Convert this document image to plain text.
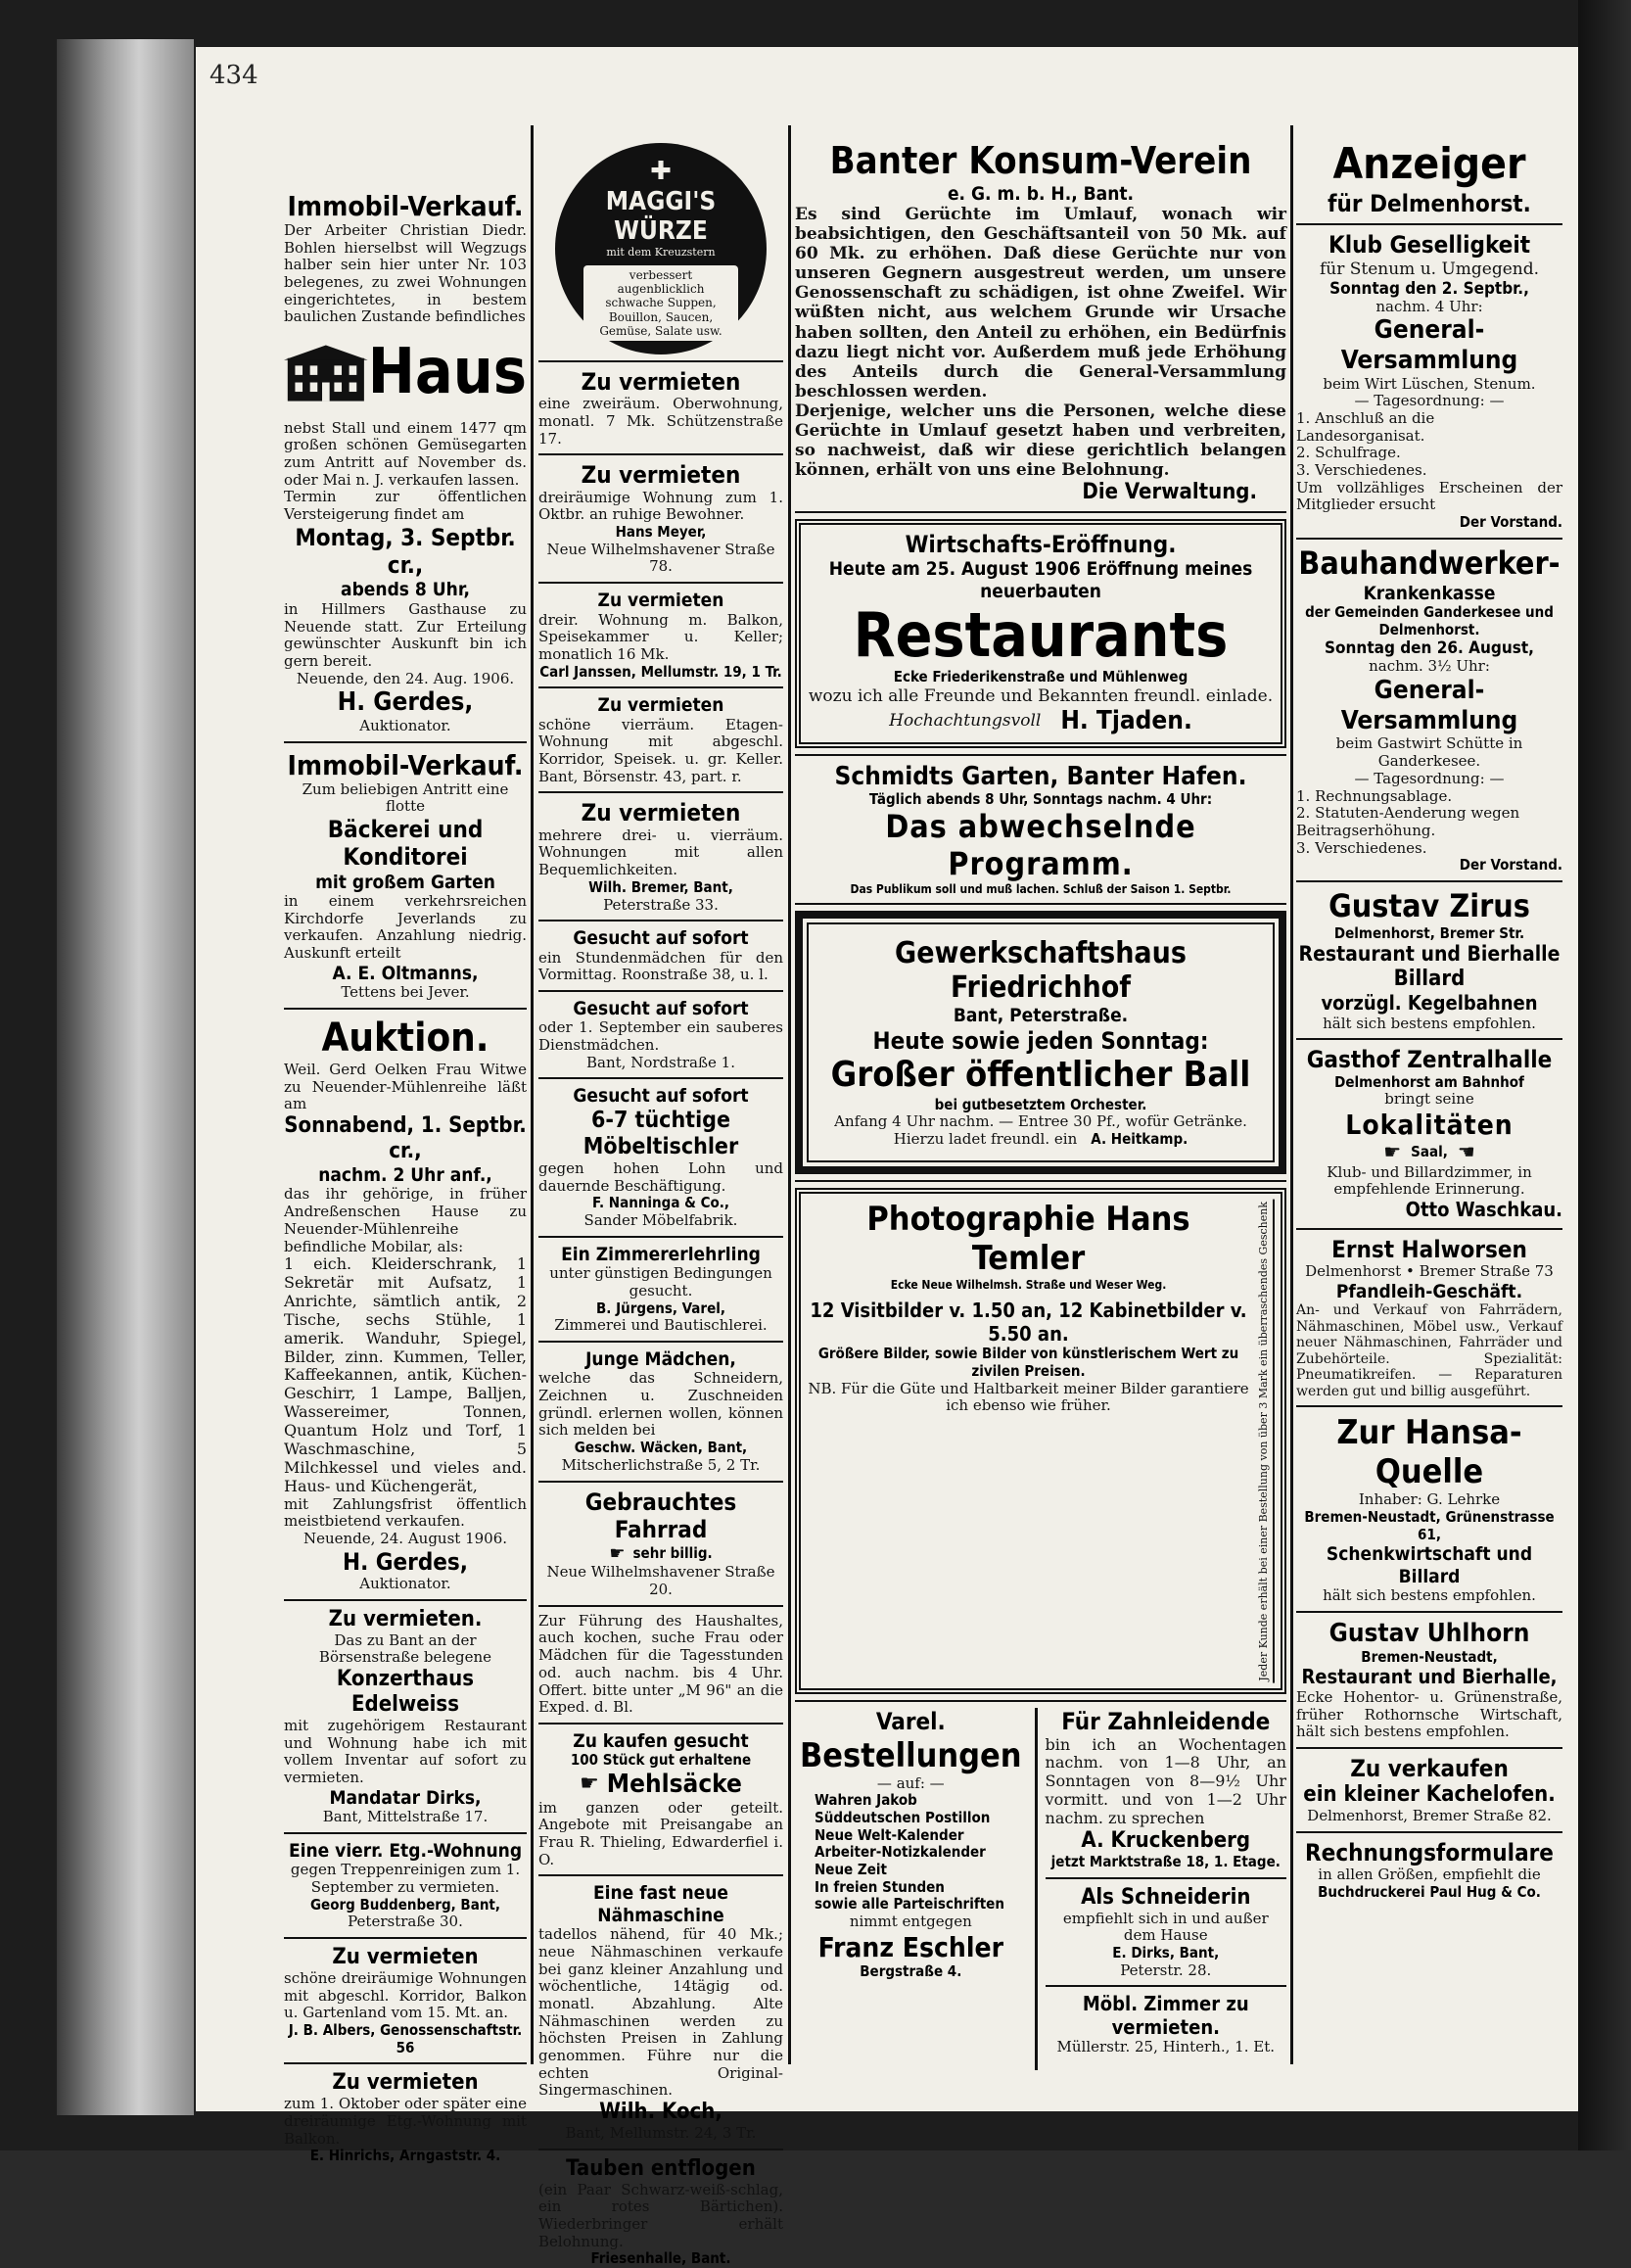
434
Immobil-Verkauf.
Der Arbeiter Christian Diedr. Bohlen hierselbst will Wegzugs halber sein hier unter Nr. 103 belegenes, zu zwei Wohnungen eingerichtetes, in bestem baulichen Zustande befindliches
Haus
nebst Stall und einem 1477 qm großen schönen Gemüsegarten zum Antritt auf November ds. oder Mai n. J. verkaufen lassen.
Termin zur öffentlichen Versteigerung findet am
Montag, 3. Septbr. cr.,
abends 8 Uhr,
in Hillmers Gasthause zu Neuende statt. Zur Erteilung gewünschter Auskunft bin ich gern bereit.
Neuende, den 24. Aug. 1906.
H. Gerdes,
Auktionator.
Immobil-Verkauf.
Zum beliebigen Antritt eine flotte
Bäckerei und Konditorei
mit großem Garten
in einem verkehrsreichen Kirchdorfe Jeverlands zu verkaufen. Anzahlung niedrig. Auskunft erteilt
A. E. Oltmanns,
Tettens bei Jever.
Auktion.
Weil. Gerd Oelken Frau Witwe zu Neuender-Mühlenreihe läßt am
Sonnabend, 1. Septbr. cr.,
nachm. 2 Uhr anf.,
das ihr gehörige, in früher Andreßenschen Hause zu Neuender-Mühlenreihe befindliche Mobilar, als:
1 eich. Kleiderschrank, 1 Sekretär mit Aufsatz, 1 Anrichte, sämtlich antik, 2 Tische, sechs Stühle, 1 amerik. Wanduhr, Spiegel, Bilder, zinn. Kummen, Teller, Kaffeekannen, antik, Küchen-Geschirr, 1 Lampe, Balljen, Wassereimer, Tonnen, Quantum Holz und Torf, 1 Waschmaschine, 5 Milchkessel und vieles and. Haus- und Küchengerät,
mit Zahlungsfrist öffentlich meistbietend verkaufen.
Neuende, 24. August 1906.
H. Gerdes,
Auktionator.
Zu vermieten.
Das zu Bant an der Börsenstraße belegene
Konzerthaus Edelweiss
mit zugehörigem Restaurant und Wohnung habe ich mit vollem Inventar auf sofort zu vermieten.
Mandatar Dirks,
Bant, Mittelstraße 17.
Eine vierr. Etg.-Wohnung
gegen Treppenreinigen zum 1. September zu vermieten.
Georg Buddenberg, Bant,
Peterstraße 30.
Zu vermieten
schöne dreiräumige Wohnungen mit abgeschl. Korridor, Balkon u. Gartenland vom 15. Mt. an.
J. B. Albers, Genossenschaftstr. 56
Zu vermieten
zum 1. Oktober oder später eine dreiräumige Etg.-Wohnung mit Balkon.
E. Hinrichs, Arngaststr. 4.
✚
MAGGI'S WÜRZE
mit dem Kreuzstern
verbessert augenblicklich schwache Suppen, Bouillon, Saucen, Gemüse, Salate usw.
Zu vermieten
eine zweiräum. Oberwohnung, monatl. 7 Mk. Schützenstraße 17.
Zu vermieten
dreiräumige Wohnung zum 1. Oktbr. an ruhige Bewohner.
Hans Meyer,
Neue Wilhelmshavener Straße 78.
Zu vermieten
dreir. Wohnung m. Balkon, Speisekammer u. Keller; monatlich 16 Mk.
Carl Janssen, Mellumstr. 19, 1 Tr.
Zu vermieten
schöne vierräum. Etagen-Wohnung mit abgeschl. Korridor, Speisek. u. gr. Keller. Bant, Börsenstr. 43, part. r.
Zu vermieten
mehrere drei- u. vierräum. Wohnungen mit allen Bequemlichkeiten.
Wilh. Bremer, Bant,
Peterstraße 33.
Gesucht auf sofort
ein Stundenmädchen für den Vormittag. Roonstraße 38, u. l.
Gesucht auf sofort
oder 1. September ein sauberes Dienstmädchen.
Bant, Nordstraße 1.
Gesucht auf sofort
6-7 tüchtige Möbeltischler
gegen hohen Lohn und dauernde Beschäftigung.
F. Nanninga & Co.,
Sander Möbelfabrik.
Ein Zimmererlehrling
unter günstigen Bedingungen gesucht.
B. Jürgens, Varel,
Zimmerei und Bautischlerei.
Junge Mädchen,
welche das Schneidern, Zeichnen u. Zuschneiden gründl. erlernen wollen, können sich melden bei
Geschw. Wäcken, Bant,
Mitscherlichstraße 5, 2 Tr.
Gebrauchtes Fahrrad
☛ sehr billig.
Neue Wilhelmshavener Straße 20.
Zur Führung des Haushaltes, auch kochen, suche Frau oder Mädchen für die Tagesstunden od. auch nachm. bis 4 Uhr. Offert. bitte unter „M 96" an die Exped. d. Bl.
Zu kaufen gesucht
100 Stück gut erhaltene
☛ Mehlsäcke
im ganzen oder geteilt. Angebote mit Preisangabe an Frau R. Thieling, Edwarderfiel i. O.
Eine fast neue Nähmaschine
tadellos nähend, für 40 Mk.; neue Nähmaschinen verkaufe bei ganz kleiner Anzahlung und wöchentliche, 14tägig od. monatl. Abzahlung. Alte Nähmaschinen werden zu höchsten Preisen in Zahlung genommen. Führe nur die echten Original-Singermaschinen.
Wilh. Koch,
Bant, Mellumstr. 24, 3 Tr.
Tauben entflogen
(ein Paar Schwarz-weiß-schlag, ein rotes Bärtichen). Wiederbringer erhält Belohnung.
Friesenhalle, Bant.
Banter Konsum-Verein
e. G. m. b. H., Bant.
Es sind Gerüchte im Umlauf, wonach wir beabsichtigen, den Geschäftsanteil von 50 Mk. auf 60 Mk. zu erhöhen. Daß diese Gerüchte nur von unseren Gegnern ausgestreut werden, um unsere Genossenschaft zu schädigen, ist ohne Zweifel. Wir wüßten nicht, aus welchem Grunde wir Ursache haben sollten, den Anteil zu erhöhen, ein Bedürfnis dazu liegt nicht vor. Außerdem muß jede Erhöhung des Anteils durch die General-Versammlung beschlossen werden.
Derjenige, welcher uns die Personen, welche diese Gerüchte in Umlauf gesetzt haben und verbreiten, so nachweist, daß wir diese gerichtlich belangen können, erhält von uns eine Belohnung.
Die Verwaltung.
Wirtschafts-Eröffnung.
Heute am 25. August 1906 Eröffnung meines neuerbauten
Restaurants
Ecke Friederikenstraße und Mühlenweg
wozu ich alle Freunde und Bekannten freundl. einlade.
Hochachtungsvoll H. Tjaden.
Schmidts Garten, Banter Hafen.
Täglich abends 8 Uhr, Sonntags nachm. 4 Uhr:
Das abwechselnde Programm.
Das Publikum soll und muß lachen. Schluß der Saison 1. Septbr.
Gewerkschaftshaus Friedrichhof
Bant, Peterstraße.
Heute sowie jeden Sonntag:
Großer öffentlicher Ball
bei gutbesetztem Orchester.
Anfang 4 Uhr nachm. — Entree 30 Pf., wofür Getränke.
Hierzu ladet freundl. ein A. Heitkamp.
Photographie Hans Temler
Ecke Neue Wilhelmsh. Straße und Weser Weg.
12 Visitbilder v. 1.50 an, 12 Kabinetbilder v. 5.50 an.
Größere Bilder, sowie Bilder von künstlerischem Wert zu zivilen Preisen.
NB. Für die Güte und Haltbarkeit meiner Bilder garantiere ich ebenso wie früher.	Jeder Kunde erhält bei einer Bestellung von über 3 Mark ein überraschendes Geschenk
Varel.
Bestellungen
— auf: —
Wahren Jakob
Süddeutschen Postillon
Neue Welt-Kalender
Arbeiter-Notizkalender
Neue Zeit
In freien Stunden
sowie alle Parteischriften
nimmt entgegen
Franz Eschler
Bergstraße 4.
Für Zahnleidende
bin ich an Wochentagen nachm. von 1—8 Uhr, an Sonntagen von 8—9½ Uhr vormitt. und von 1—2 Uhr nachm. zu sprechen
A. Kruckenberg
jetzt Marktstraße 18, 1. Etage.
Als Schneiderin
empfiehlt sich in und außer dem Hause
E. Dirks, Bant,
Peterstr. 28.
Möbl. Zimmer zu vermieten.
Müllerstr. 25, Hinterh., 1. Et.
Anzeiger
für Delmenhorst.
Klub Geselligkeit
für Stenum u. Umgegend.
Sonntag den 2. Septbr.,
nachm. 4 Uhr:
General-Versammlung
beim Wirt Lüschen, Stenum.
— Tagesordnung: —
1. Anschluß an die Landesorganisat.
2. Schulfrage.
3. Verschiedenes.
Um vollzähliges Erscheinen der Mitglieder ersucht
Der Vorstand.
Bauhandwerker-
Krankenkasse
der Gemeinden Ganderkesee und Delmenhorst.
Sonntag den 26. August,
nachm. 3½ Uhr:
General-Versammlung
beim Gastwirt Schütte in Ganderkesee.
— Tagesordnung: —
1. Rechnungsablage.
2. Statuten-Aenderung wegen Beitragserhöhung.
3. Verschiedenes.
Der Vorstand.
Gustav Zirus
Delmenhorst, Bremer Str.
Restaurant und Bierhalle
Billard
vorzügl. Kegelbahnen
hält sich bestens empfohlen.
Gasthof Zentralhalle
Delmenhorst am Bahnhof
bringt seine
Lokalitäten
☛ Saal, ☚
Klub- und Billardzimmer, in empfehlende Erinnerung.
Otto Waschkau.
Ernst Halworsen
Delmenhorst • Bremer Straße 73
Pfandleih-Geschäft.
An- und Verkauf von Fahrrädern, Nähmaschinen, Möbel usw., Verkauf neuer Nähmaschinen, Fahrräder und Zubehörteile. Spezialität: Pneumatikreifen. — Reparaturen werden gut und billig ausgeführt.
Zur Hansa-Quelle
Inhaber: G. Lehrke
Bremen-Neustadt, Grünenstrasse 61,
Schenkwirtschaft und Billard
hält sich bestens empfohlen.
Gustav Uhlhorn
Bremen-Neustadt,
Restaurant und Bierhalle,
Ecke Hohentor- u. Grünenstraße, früher Rothornsche Wirtschaft, hält sich bestens empfohlen.
Zu verkaufen
ein kleiner Kachelofen.
Delmenhorst, Bremer Straße 82.
Rechnungsformulare
in allen Größen, empfiehlt die
Buchdruckerei Paul Hug & Co.
